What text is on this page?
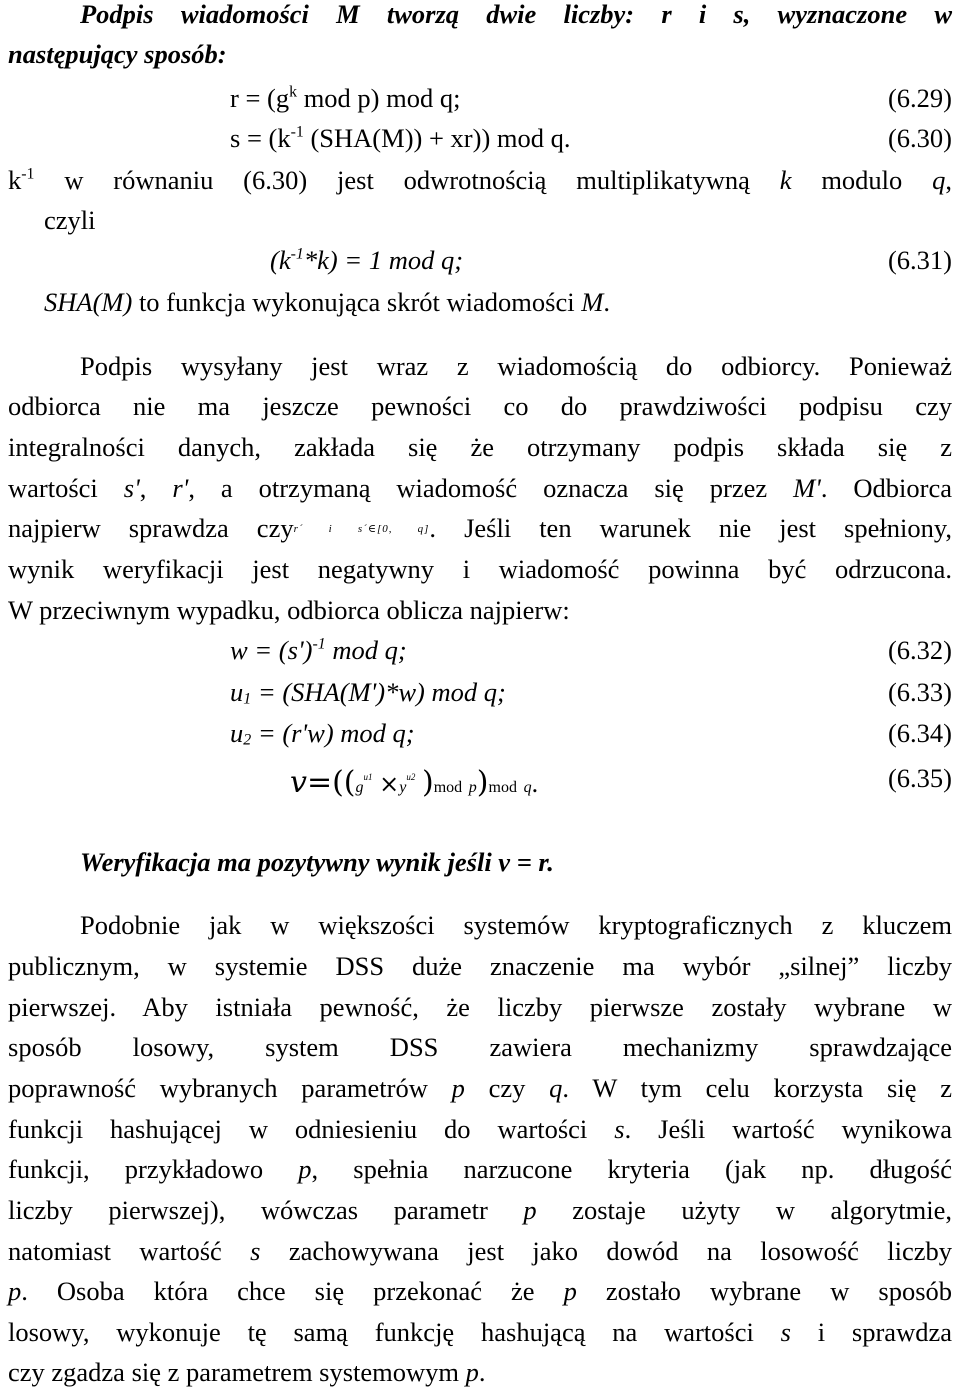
Podpis wiadomości M tworzą dwie liczby: r i s, wyznaczone w
następujący sposób:
$r = (g^k$ mod p) mod q;	(6.29)
$s = (k^{-1}$ (SHA(M)) + xr)) mod q.	(6.30)
$k^{-1}$ w równaniu (6.30) jest odwrotnością multiplikatywną k modulo q,
czyli
$(k^{-1}*k) = 1$ mod q;	(6.31)
SHA(M) to funkcja wykonująca skrót wiadomości M.
Podpis wysyłany jest wraz z wiadomością do odbiorcy. Ponieważ
odbiorca nie ma jeszcze pewności co do prawdziwości podpisu czy
integralności danych, zakłada się że otrzymany podpis składa się z
wartości s', r', a otrzymaną wiadomość oznacza się przez M'. Odbiorca
najpierw sprawdza czyr´ i s´∈[0, q]. Jeśli ten warunek nie jest spełniony,
wynik weryfikacji jest negatywny i wiadomość powinna być odrzucona.
W przeciwnym wypadku, odbiorca oblicza najpierw:
$w = (s')^{-1}$ mod q;	(6.32)
$u_1 = (SHA(M')*w)$ mod q;	(6.33)
$u_2 = (r'w)$ mod q;	(6.34)
$v=((g^{u1} \times y^{u2}$ )mod p)mod q.	(6.35)
Weryfikacja ma pozytywny wynik jeśli v = r.
Podobnie jak w większości systemów kryptograficznych z kluczem
publicznym, w systemie DSS duże znaczenie ma wybór „silnej” liczby
pierwszej. Aby istniała pewność, że liczby pierwsze zostały wybrane w
sposób losowy, system DSS zawiera mechanizmy sprawdzające
poprawność wybranych parametrów p czy q. W tym celu korzysta się z
funkcji hashującej w odniesieniu do wartości s. Jeśli wartość wynikowa
funkcji, przykładowo p, spełnia narzucone kryteria (jak np. długość
liczby pierwszej), wówczas parametr p zostaje użyty w algorytmie,
natomiast wartość s zachowywana jest jako dowód na losowość liczby
p. Osoba która chce się przekonać że p zostało wybrane w sposób
losowy, wykonuje tę samą funkcję hashującą na wartości s i sprawdza
czy zgadza się z parametrem systemowym p.
